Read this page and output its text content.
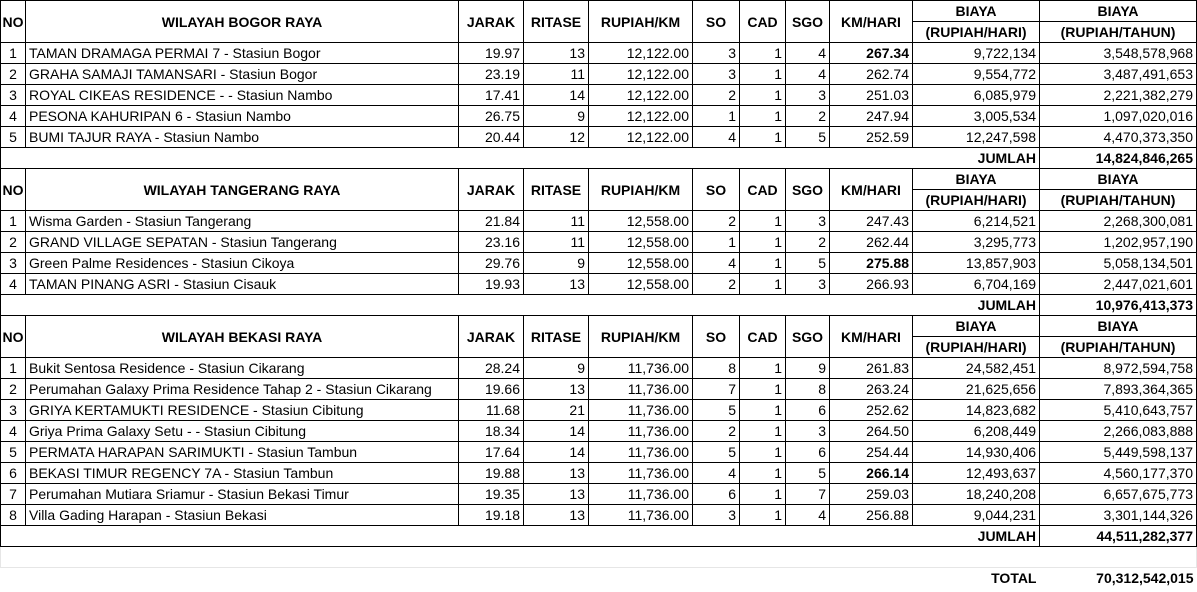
NO	WILAYAH BOGOR RAYA	JARAK	RITASE	RUPIAH/KM	SO	CAD	SGO	KM/HARI	BIAYA	BIAYA
									(RUPIAH/HARI)	(RUPIAH/TAHUN)
1	TAMAN DRAMAGA PERMAI 7 - Stasiun Bogor	19.97	13	12,122.00	3	1	4	267.34	9,722,134	3,548,578,968
2	GRAHA SAMAJI TAMANSARI - Stasiun Bogor	23.19	11	12,122.00	3	1	4	262.74	9,554,772	3,487,491,653
3	ROYAL CIKEAS RESIDENCE - - Stasiun Nambo	17.41	14	12,122.00	2	1	3	251.03	6,085,979	2,221,382,279
4	PESONA KAHURIPAN 6 - Stasiun Nambo	26.75	9	12,122.00	1	1	2	247.94	3,005,534	1,097,020,016
5	BUMI TAJUR RAYA - Stasiun Nambo	20.44	12	12,122.00	4	1	5	252.59	12,247,598	4,470,373,350
									JUMLAH	14,824,846,265
NO	WILAYAH TANGERANG RAYA	JARAK	RITASE	RUPIAH/KM	SO	CAD	SGO	KM/HARI	BIAYA	BIAYA
									(RUPIAH/HARI)	(RUPIAH/TAHUN)
1	Wisma Garden - Stasiun Tangerang	21.84	11	12,558.00	2	1	3	247.43	6,214,521	2,268,300,081
2	GRAND VILLAGE SEPATAN - Stasiun Tangerang	23.16	11	12,558.00	1	1	2	262.44	3,295,773	1,202,957,190
3	Green Palme Residences - Stasiun Cikoya	29.76	9	12,558.00	4	1	5	275.88	13,857,903	5,058,134,501
4	TAMAN PINANG ASRI - Stasiun Cisauk	19.93	13	12,558.00	2	1	3	266.93	6,704,169	2,447,021,601
									JUMLAH	10,976,413,373
NO	WILAYAH BEKASI RAYA	JARAK	RITASE	RUPIAH/KM	SO	CAD	SGO	KM/HARI	BIAYA	BIAYA
									(RUPIAH/HARI)	(RUPIAH/TAHUN)
1	Bukit Sentosa Residence - Stasiun Cikarang	28.24	9	11,736.00	8	1	9	261.83	24,582,451	8,972,594,758
2	Perumahan Galaxy Prima Residence Tahap 2 - Stasiun Cikarang	19.66	13	11,736.00	7	1	8	263.24	21,625,656	7,893,364,365
3	GRIYA KERTAMUKTI RESIDENCE - Stasiun Cibitung	11.68	21	11,736.00	5	1	6	252.62	14,823,682	5,410,643,757
4	Griya Prima Galaxy Setu - - Stasiun Cibitung	18.34	14	11,736.00	2	1	3	264.50	6,208,449	2,266,083,888
5	PERMATA HARAPAN SARIMUKTI - Stasiun Tambun	17.64	14	11,736.00	5	1	6	254.44	14,930,406	5,449,598,137
6	BEKASI TIMUR REGENCY 7A - Stasiun Tambun	19.88	13	11,736.00	4	1	5	266.14	12,493,637	4,560,177,370
7	Perumahan Mutiara Sriamur - Stasiun Bekasi Timur	19.35	13	11,736.00	6	1	7	259.03	18,240,208	6,657,675,773
8	Villa Gading Harapan - Stasiun Bekasi	19.18	13	11,736.00	3	1	4	256.88	9,044,231	3,301,144,326
									JUMLAH	44,511,282,377

									TOTAL	70,312,542,015
